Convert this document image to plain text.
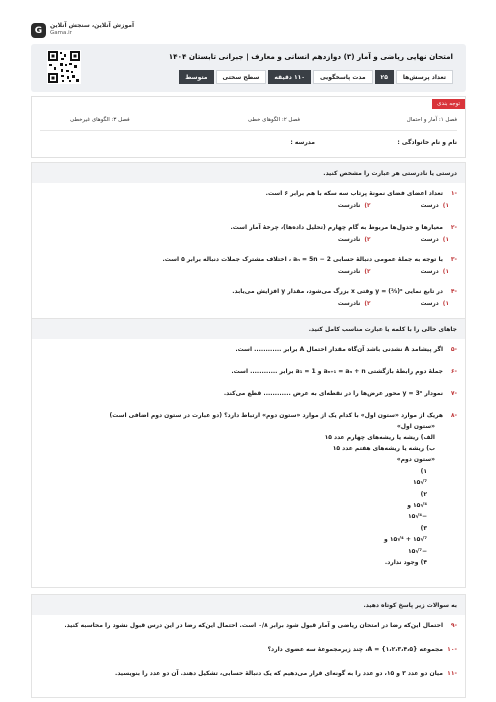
G	آموزش آنلاین، سنجش آنلاین
Gama.ir
امتحان نهایی ریاضی و آمار (۳) دوازدهم انسانی و معارف | جبرانی تابستان ۱۴۰۴
تعداد پرسش‌ها
۲۵
مدت پاسخگویی
۱۱۰ دقیقه
سطح سختی
متوسط
توجه بندی
فصل ۱: آمار و احتمال
فصل ۲: الگوهای خطی
فصل ۳: الگوهای غیرخطی
نام و نام خانوادگی :
مدرسه :
درستی یا نادرستی هر عبارت را مشخص کنید.
-۱
تعداد اعضای فضای نمونهٔ پرتاب سه سکه با هم برابر ۶ است.
۱)

درست
۲)

نادرست
-۲
معیارها و جدول‌ها مربوط به گام چهارم (تحلیل داده‌ها)، چرخهٔ آمار است.
۱)

درست
۲)

نادرست
-۳
با توجه به جملهٔ عمومی دنبالهٔ حسابی aₙ = 5n − 2 ، اختلاف مشترک جملات دنباله برابر ۵ است.
۱)

درست
۲)

نادرست
-۴
در تابع نمایی y = (⅔)ˣ وقتی x بزرگ می‌شود، مقدار y افزایش می‌یابد.
۱)

درست
۲)

نادرست
جاهای خالی را با کلمه یا عبارت مناسب کامل کنید.
-۵
اگر پیشامد A نشدنی باشد آن‌گاه مقدار احتمال A برابر ............ است.
-۶
جملهٔ دوم رابطهٔ بازگشتی aₙ₊₁ = aₙ + n و a₁ = 1 برابر ............ است.
-۷
نمودار y = 3ˣ محور عرض‌ها را در نقطه‌ای به عرض ............ قطع می‌کند.
-۸
هریک از موارد «ستون اول» با کدام یک از موارد «ستون دوم» ارتباط دارد؟ (دو عبارت در ستون دوم اضافی است)
«ستون اول»
الف) ریشه یا ریشه‌های چهارم عدد ۱۵
ب) ریشه یا ریشه‌های هفتم عدد ۱۵
«ستون دوم»
۱)
⁷√۱۵
۲)
⁴√۱۵ و
−⁴√۱۵
۳)
⁷√۱۵ + ⁴√۱۵ و
−⁷√۱۵
۴) وجود ندارد.
به سوالات زیر پاسخ کوتاه دهید.
-۹
احتمال این‌که رضا در امتحان ریاضی و آمار قبول شود برابر ۰/۸ است. احتمال این‌که رضا در این درس قبول نشود را محاسبه کنید.
-۱۰
مجموعه {۱،۲،۳،۴،۵} = A، چند زیرمجموعهٔ سه عضوی دارد؟
-۱۱
میان دو عدد ۳ و ۱۵، دو عدد را به گونه‌ای قرار می‌دهیم که یک دنبالهٔ حسابی، تشکیل دهند. آن دو عدد را بنویسید.
